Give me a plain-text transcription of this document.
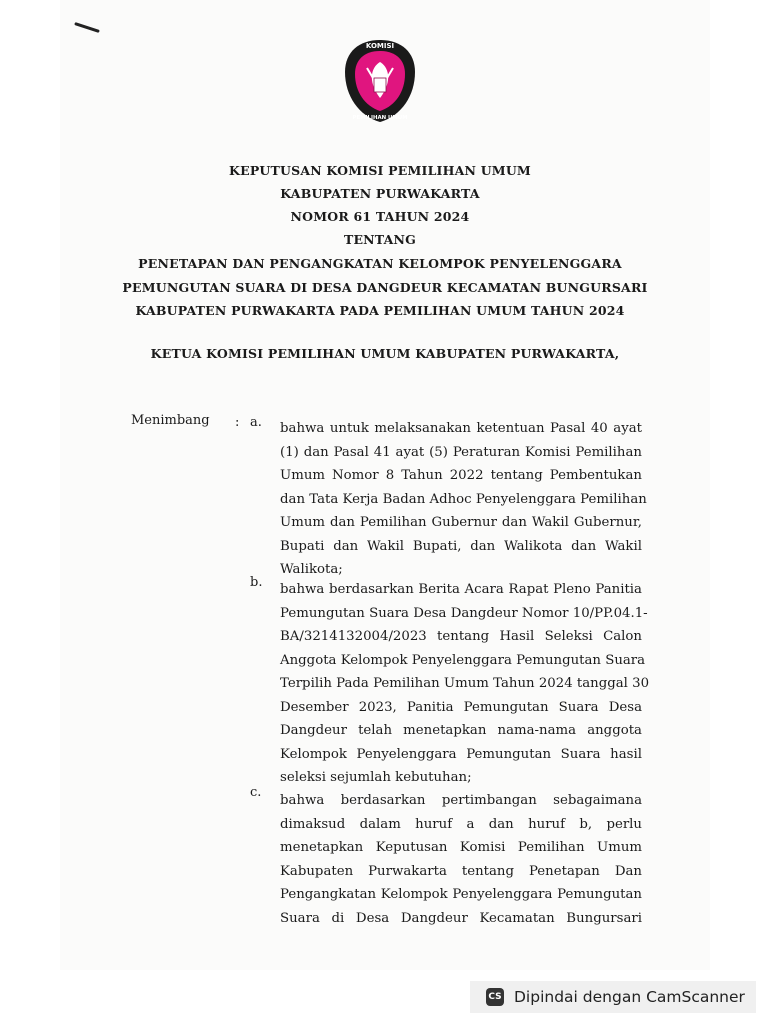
KOMISI
PEMILIHAN UMUM
KEPUTUSAN KOMISI PEMILIHAN UMUM
KABUPATEN PURWAKARTA
NOMOR 61 TAHUN 2024
TENTANG
PENETAPAN DAN PENGANGKATAN KELOMPOK PENYELENGGARA
PEMUNGUTAN SUARA DI DESA DANGDEUR KECAMATAN BUNGURSARI
KABUPATEN PURWAKARTA PADA PEMILIHAN UMUM TAHUN 2024
KETUA KOMISI PEMILIHAN UMUM KABUPATEN PURWAKARTA,
Menimbang : a. bahwa untuk melaksanakan ketentuan Pasal 40 ayat
(1) dan Pasal 41 ayat (5) Peraturan Komisi Pemilihan
Umum Nomor 8 Tahun 2022 tentang Pembentukan
dan Tata Kerja Badan Adhoc Penyelenggara Pemilihan
Umum dan Pemilihan Gubernur dan Wakil Gubernur,
Bupati dan Wakil Bupati, dan Walikota dan Wakil
Walikota;
b. bahwa berdasarkan Berita Acara Rapat Pleno Panitia
Pemungutan Suara Desa Dangdeur Nomor 10/PP.04.1-
BA/3214132004/2023 tentang Hasil Seleksi Calon
Anggota Kelompok Penyelenggara Pemungutan Suara
Terpilih Pada Pemilihan Umum Tahun 2024 tanggal 30
Desember 2023, Panitia Pemungutan Suara Desa
Dangdeur telah menetapkan nama-nama anggota
Kelompok Penyelenggara Pemungutan Suara hasil
seleksi sejumlah kebutuhan;
c.
bahwa berdasarkan pertimbangan sebagaimana
dimaksud dalam huruf a dan huruf b, perlu
menetapkan Keputusan Komisi Pemilihan Umum
Kabupaten Purwakarta tentang Penetapan Dan
Pengangkatan Kelompok Penyelenggara Pemungutan
Suara di Desa Dangdeur Kecamatan Bungursari
CS Dipindai dengan CamScanner
